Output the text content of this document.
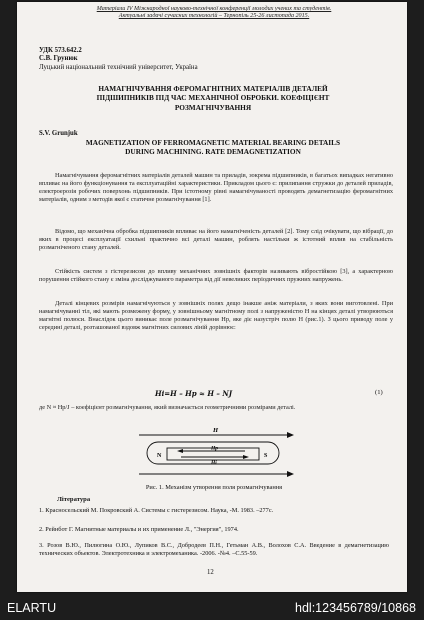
Матеріали IV Міжнародної науково-технічної конференції молодих учених та студентів.
Актуальні задачі сучасних технологій – Тернопіль 25-26 листопада 2015.
УДК 573.642.2
С.В. Грунюк
Луцький національний технічний університет, Україна
НАМАГНІЧУВАННЯ ФЕРОМАГНІТНИХ МАТЕРІАЛІВ ДЕТАЛЕЙ
ПІДШИПНИКІВ ПІД ЧАС МЕХАНІЧНОЇ ОБРОБКИ. КОЕФІЦІЄНТ
РОЗМАГНІЧУВАННЯ
S.V. Grunjuk
MAGNETIZATION OF FERROMAGNETIC MATERIAL BEARING DETAILS
DURING MACHINING. RATE DEMAGNETIZATION
Намагнічування феромагнітних матеріалів деталей машин та приладів, зокрема підшипників, в багатьох випадках негативно впливає на його функціонування та експлуатаційні характеристики. Прикладом цього є: прилипання стружки до деталей приладів, електроерозія робочих поверхонь підшипників. При істотному рівні намагнічуваності проводять демагнетизацію феромагнітних матеріалів, одним з методів якої є статичне розмагнічування [1].
Відомо, що механічна обробка підшипників впливає на його намагніченість деталей [2]. Тому слід очікувати, що вібрації, до яких в процесі експлуатації схильні практично всі деталі машин, роблять настільки ж істотний вплив на стабільність розмагніченого стану деталей.
Стійкість систем з гістерезисом до впливу механічних зовнішніх факторів називають вібростійкою [3], а характерною порушення стійкого стану є зміна досліджуваного параметра від дії невеликих періодичних пружних напружень.
Деталі кінцевих розмірів намагнічуються у зовнішніх полях дещо інакше аніж матеріали, з яких вони виготовлені. При намагнічуванні тіл, які мають розмежену форму, у зовнішньому магнітному полі з напруженістю H на кінцях деталі утворюються магнітні полюси. Внаслідок цього виникає поле розмагнічування Hр, яке діє назустріч полю H (рис.1). З цього приводу поле у середині деталі, розташованої вздовж магнітних силових ліній дорівнює:
Hі=H – Hр ≈ H – NJ	(1)
де N ≈ Hр/J – коефіцієнт розмагнічування, який визначається геометричними розмірами деталі.
H
N	S
Hр
Hі
Рис. 1. Механізм утворення поля розмагнічування
Література
1. Красносельский М. Покровский А. Системы с гистерезисом. Наука, -М. 1983. –277с.
2. Рейнбот Г. Магнитные материалы и их применение Л., "Энергия", 1974.
3. Розов В.Ю., Пилюгина О.Ю., Лупиков В.С., Добродеев П.Н., Гетьман А.В., Волохов С.А. Введение в демагнетизацию технических объектов. Электротехника и электромеханика. -2006. -№4. –С.55-59.
12
ELARTU	hdl:123456789/10868
